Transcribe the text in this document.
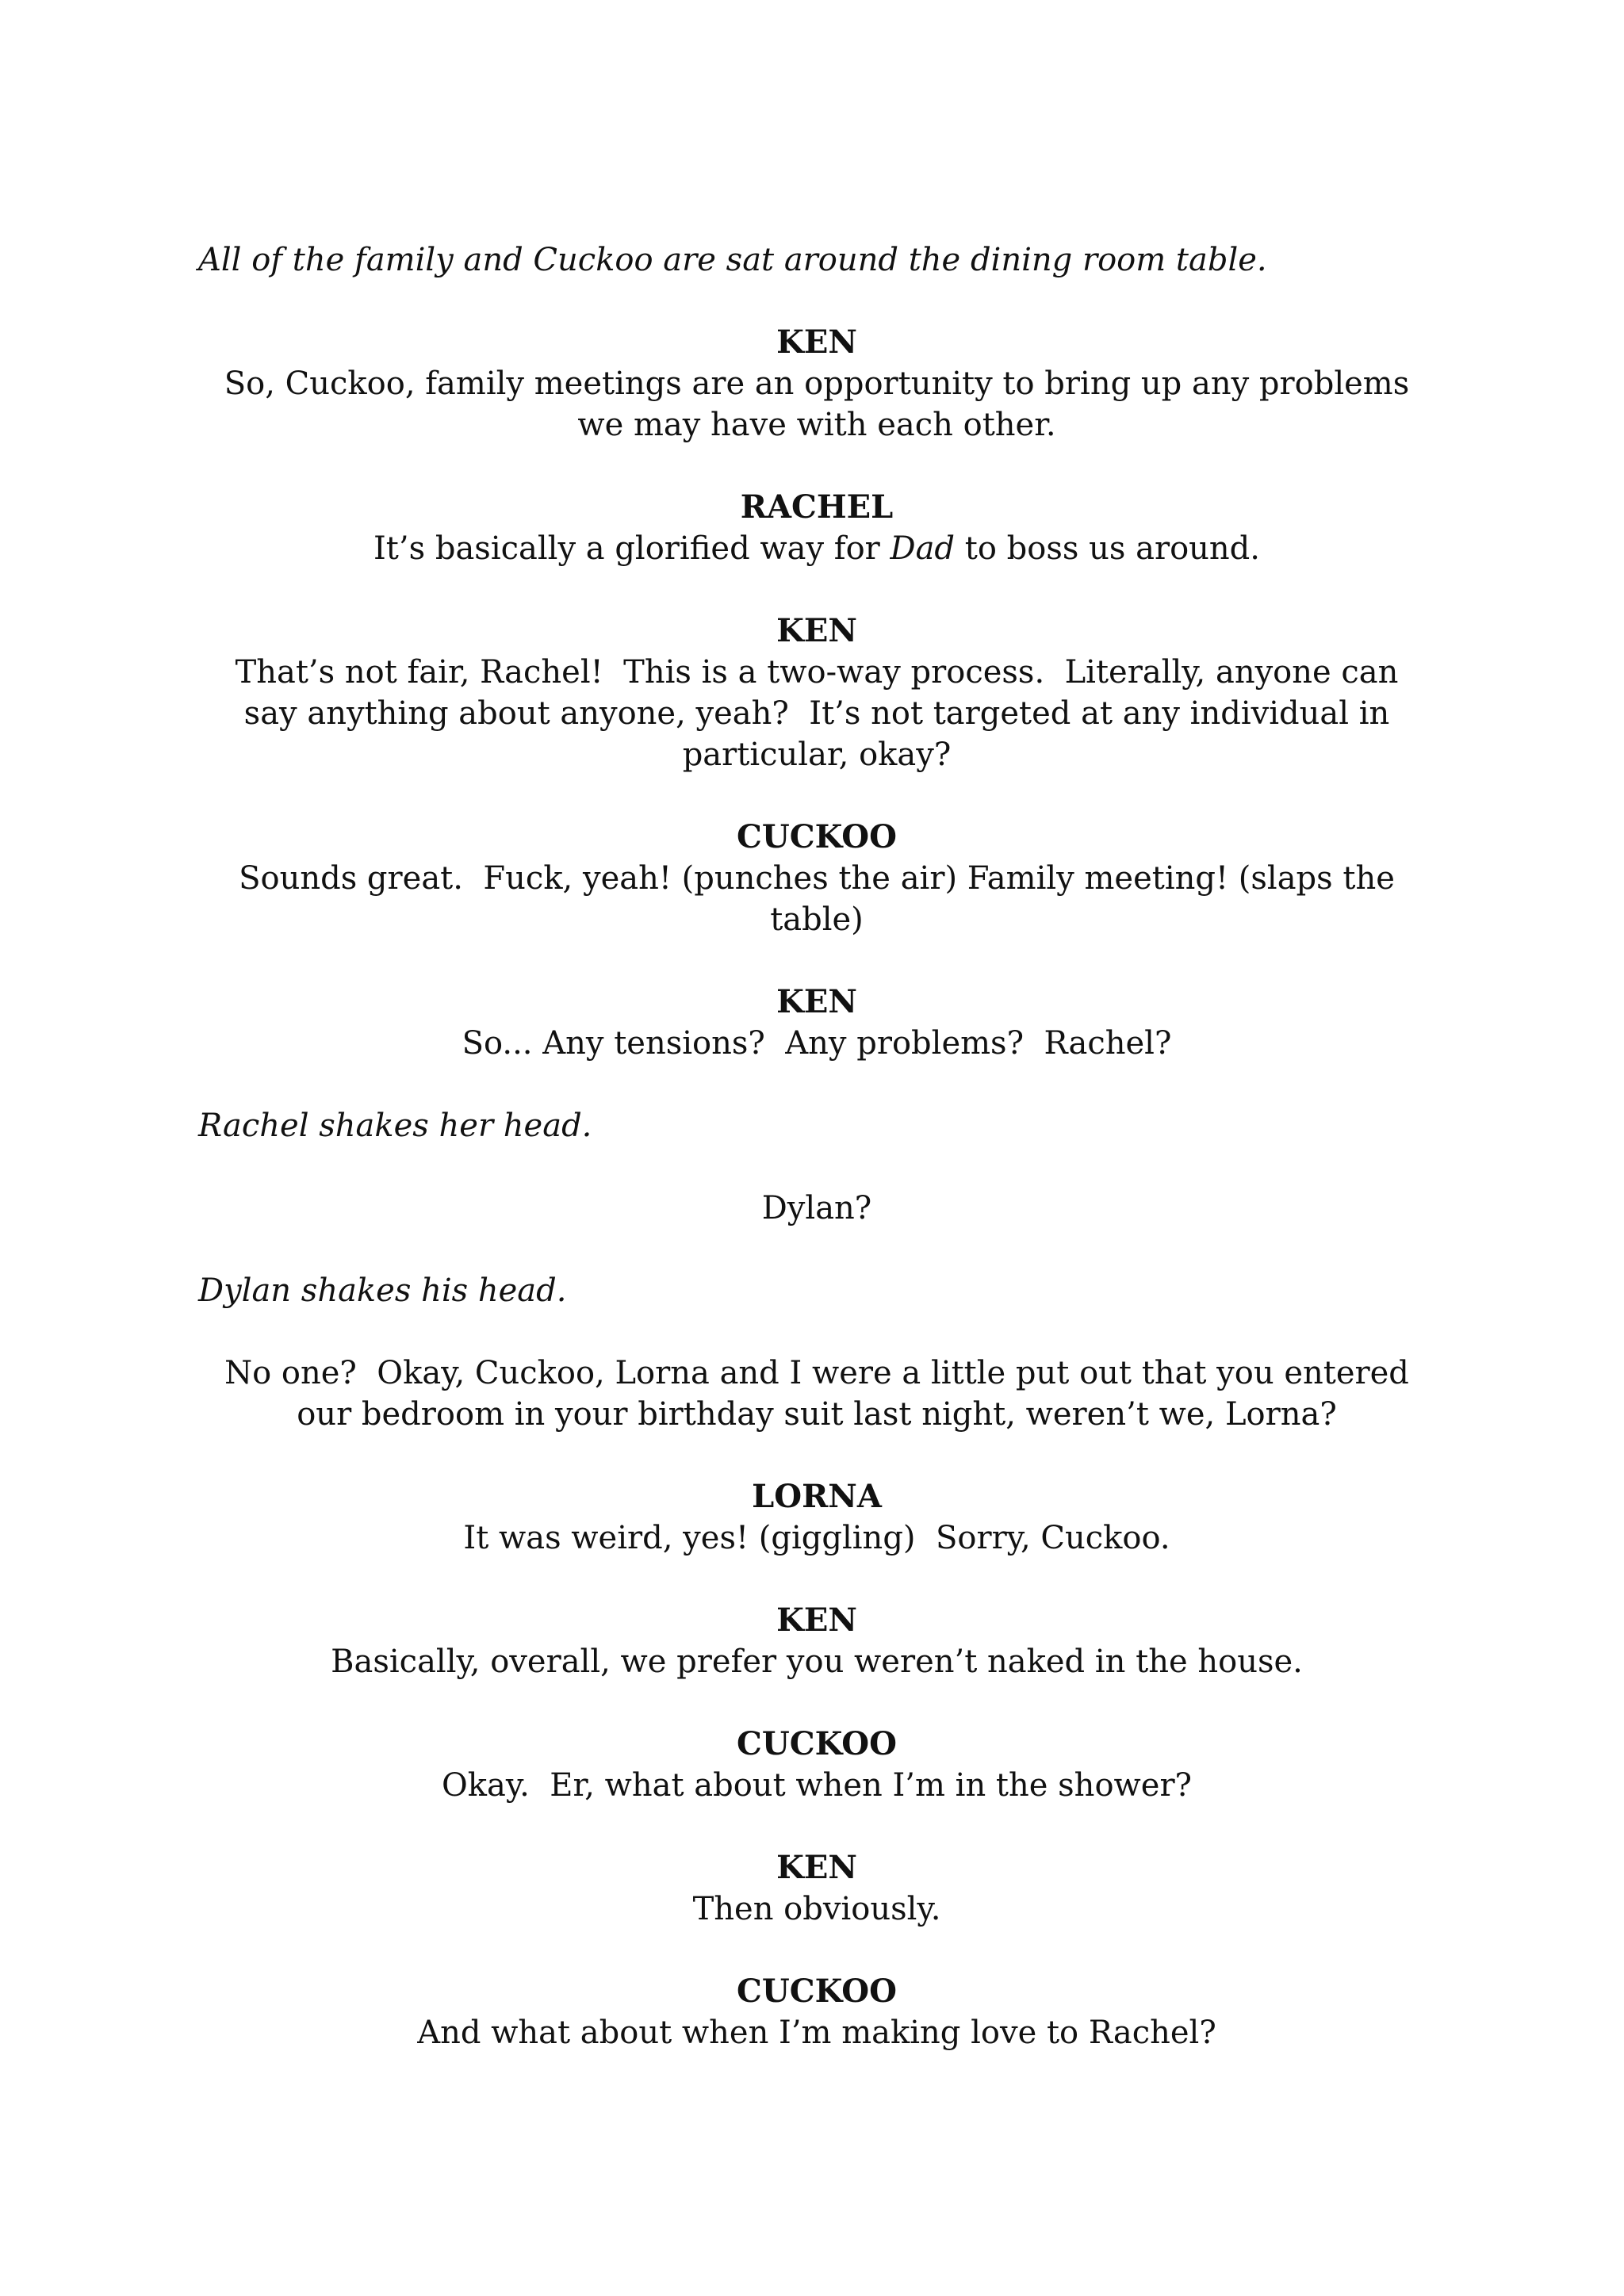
All of the family and Cuckoo are sat around the dining room table.
KEN
So, Cuckoo, family meetings are an opportunity to bring up any problems
we may have with each other.
RACHEL
It’s basically a glorified way for Dad to boss us around.
KEN
That’s not fair, Rachel!  This is a two-way process.  Literally, anyone can
say anything about anyone, yeah?  It’s not targeted at any individual in
particular, okay?
CUCKOO
Sounds great.  Fuck, yeah! (punches the air) Family meeting! (slaps the
table)
KEN
So... Any tensions?  Any problems?  Rachel?
Rachel shakes her head.
Dylan?
Dylan shakes his head.
No one?  Okay, Cuckoo, Lorna and I were a little put out that you entered
our bedroom in your birthday suit last night, weren’t we, Lorna?
LORNA
It was weird, yes! (giggling)  Sorry, Cuckoo.
KEN
Basically, overall, we prefer you weren’t naked in the house.
CUCKOO
Okay.  Er, what about when I’m in the shower?
KEN
Then obviously.
CUCKOO
And what about when I’m making love to Rachel?
